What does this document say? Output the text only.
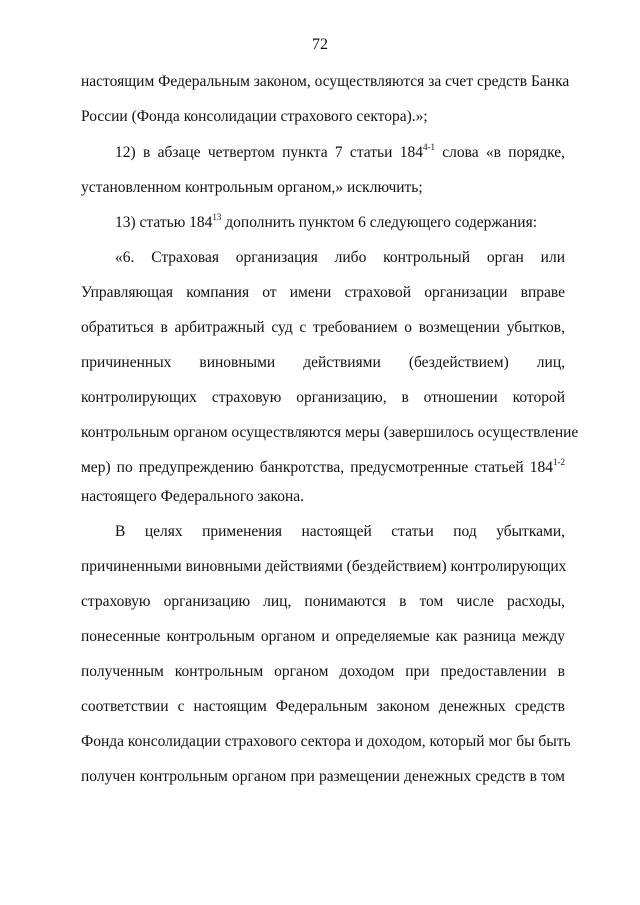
72
настоящим Федеральным законом, осуществляются за счет средств Банка
России (Фонда консолидации страхового сектора).»;
12) в абзаце четвертом пункта 7 статьи 184$^{4-1}$ слова «в порядке,
установленном контрольным органом,» исключить;
13) статью $184^{13}$ дополнить пунктом 6 следующего содержания:
«6. Страховая организация либо контрольный орган или
Управляющая компания от имени страховой организации вправе
обратиться в арбитражный суд с требованием о возмещении убытков,
причиненных виновными действиями (бездействием) лиц,
контролирующих страховую организацию, в отношении которой
контрольным органом осуществляются меры (завершилось осуществление
мер) по предупреждению банкротства, предусмотренные статьей 184$^{1-2}$
настоящего Федерального закона.
В целях применения настоящей статьи под убытками,
причиненными виновными действиями (бездействием) контролирующих
страховую организацию лиц, понимаются в том числе расходы,
понесенные контрольным органом и определяемые как разница между
полученным контрольным органом доходом при предоставлении в
соответствии с настоящим Федеральным законом денежных средств
Фонда консолидации страхового сектора и доходом, который мог бы быть
получен контрольным органом при размещении денежных средств в том
